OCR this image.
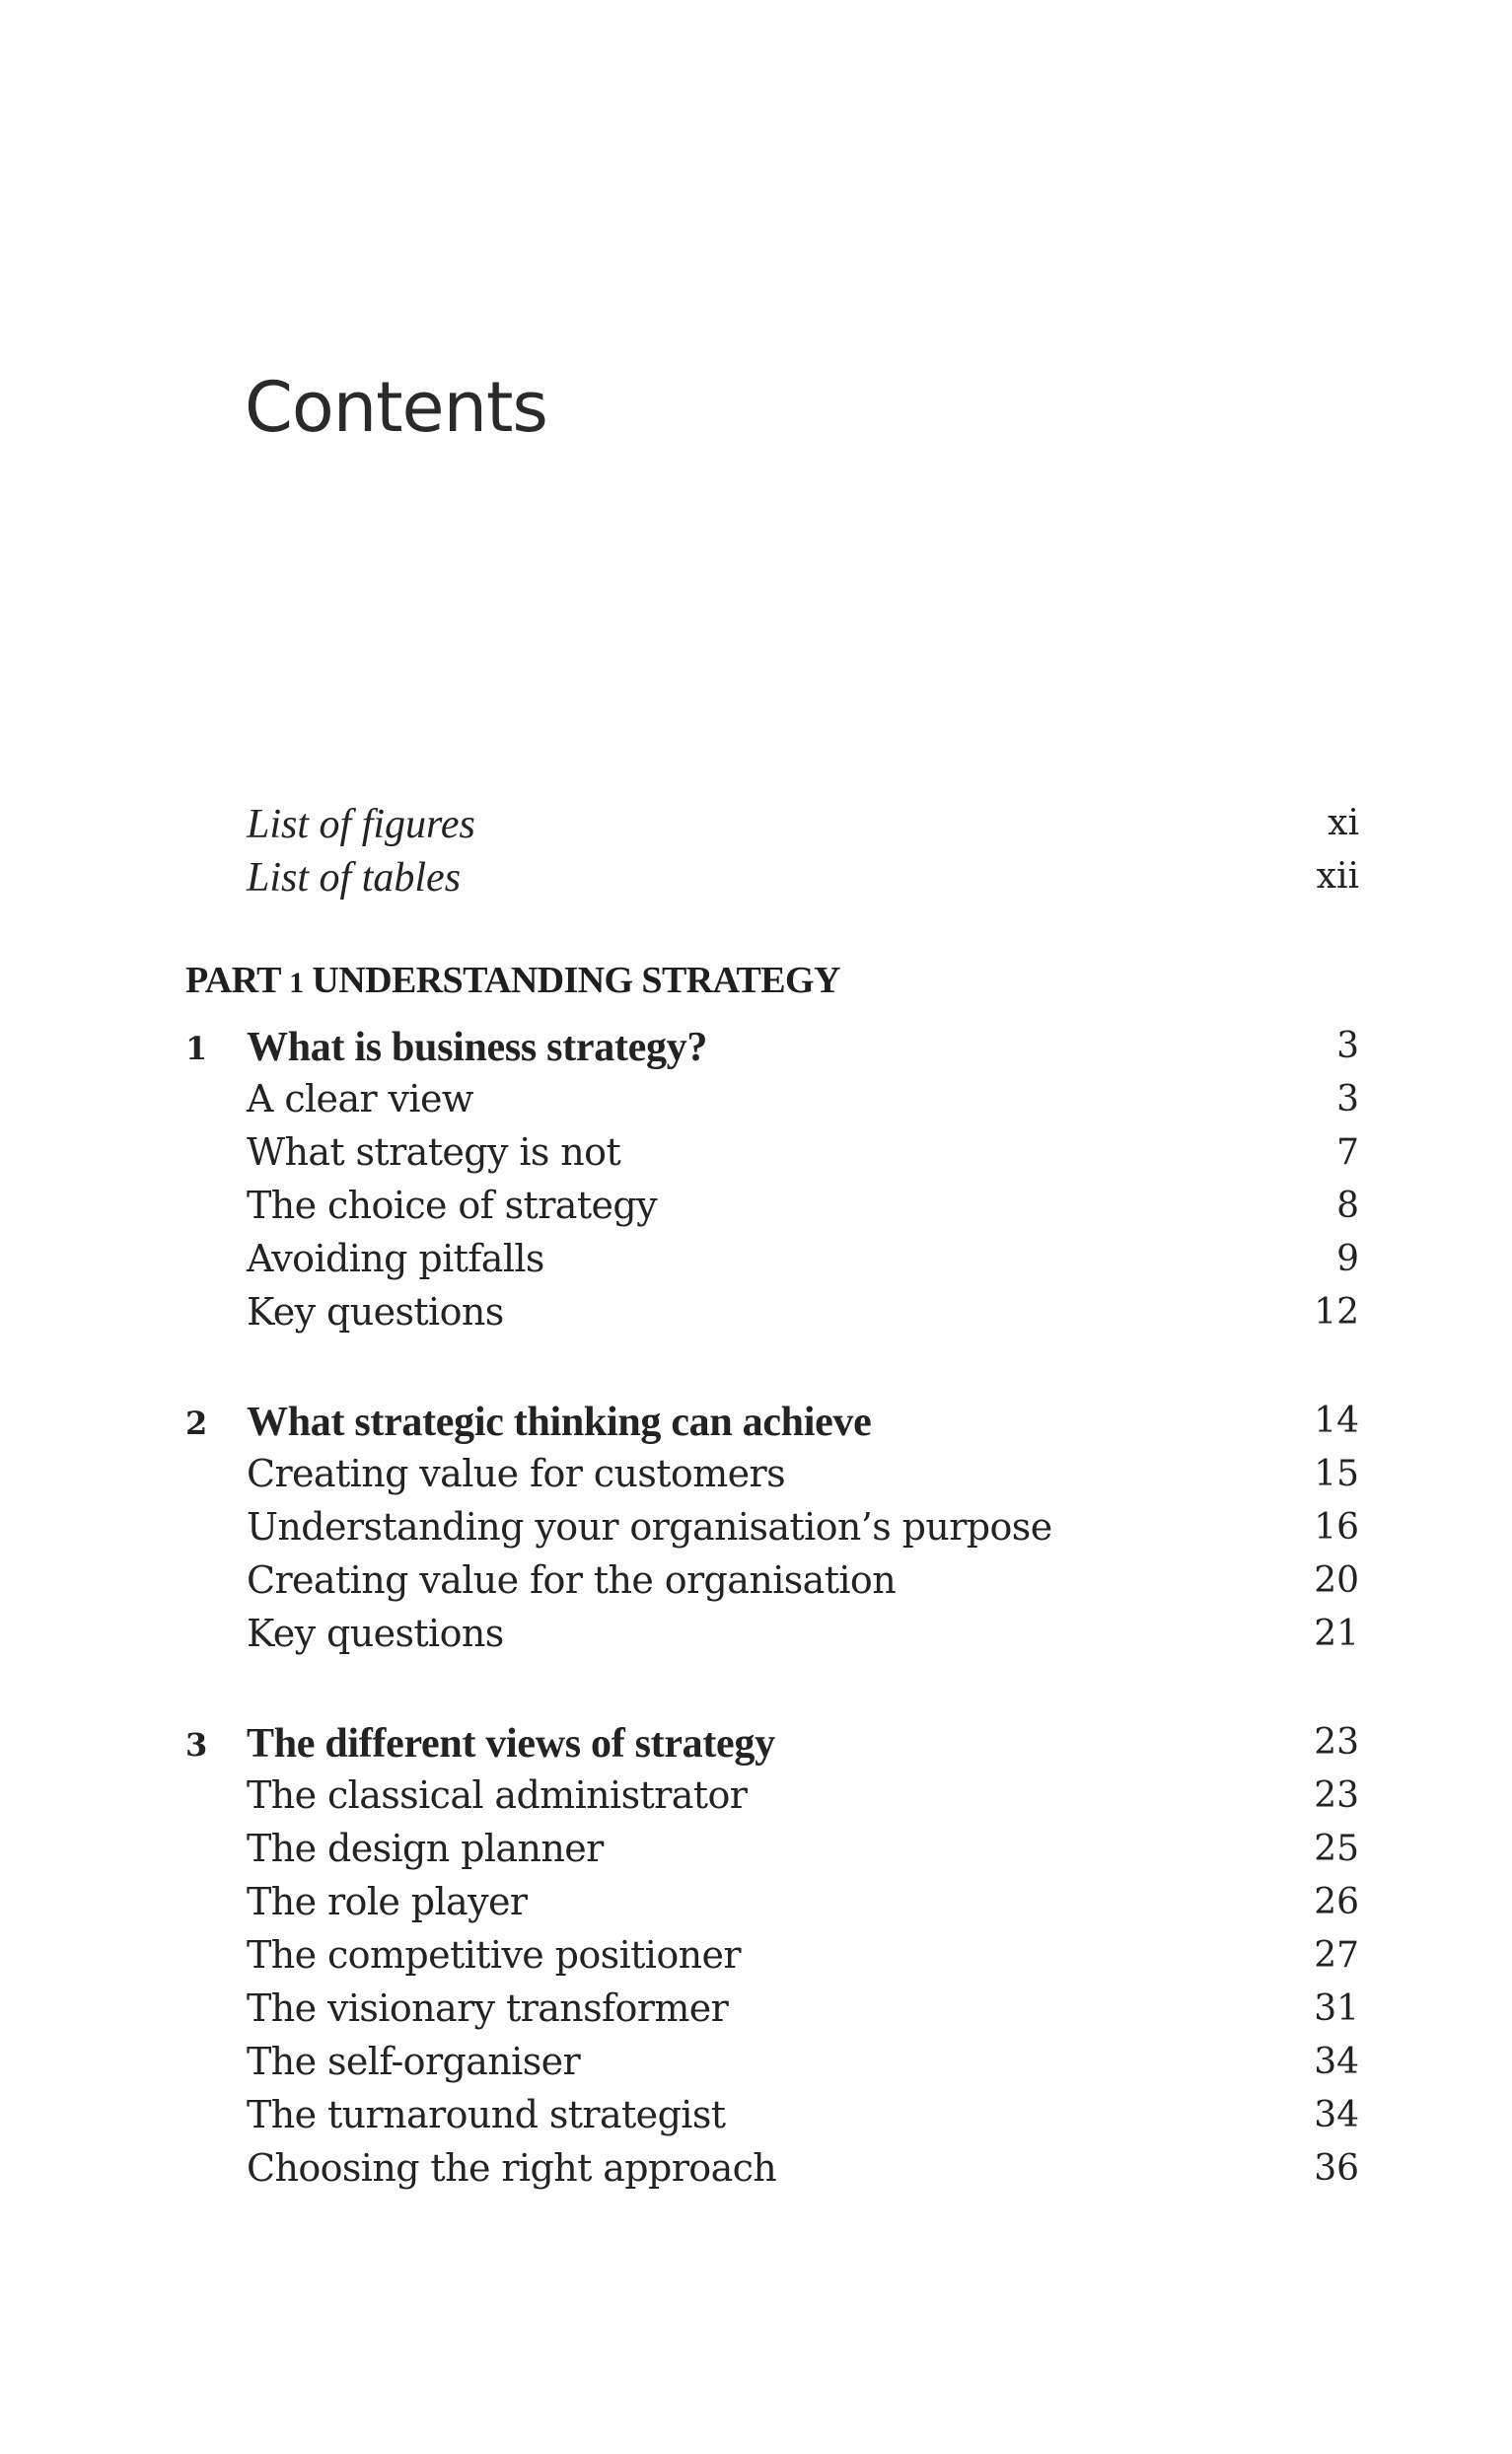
Contents
List of figures	xi
List of tables	xii
PART 1 UNDERSTANDING STRATEGY
1 What is business strategy?	3
A clear view	3
What strategy is not	7
The choice of strategy	8
Avoiding pitfalls	9
Key questions	12
2 What strategic thinking can achieve	14
Creating value for customers	15
Understanding your organisation’s purpose	16
Creating value for the organisation	20
Key questions	21
3 The different views of strategy	23
The classical administrator	23
The design planner	25
The role player	26
The competitive positioner	27
The visionary transformer	31
The self-organiser	34
The turnaround strategist	34
Choosing the right approach	36
